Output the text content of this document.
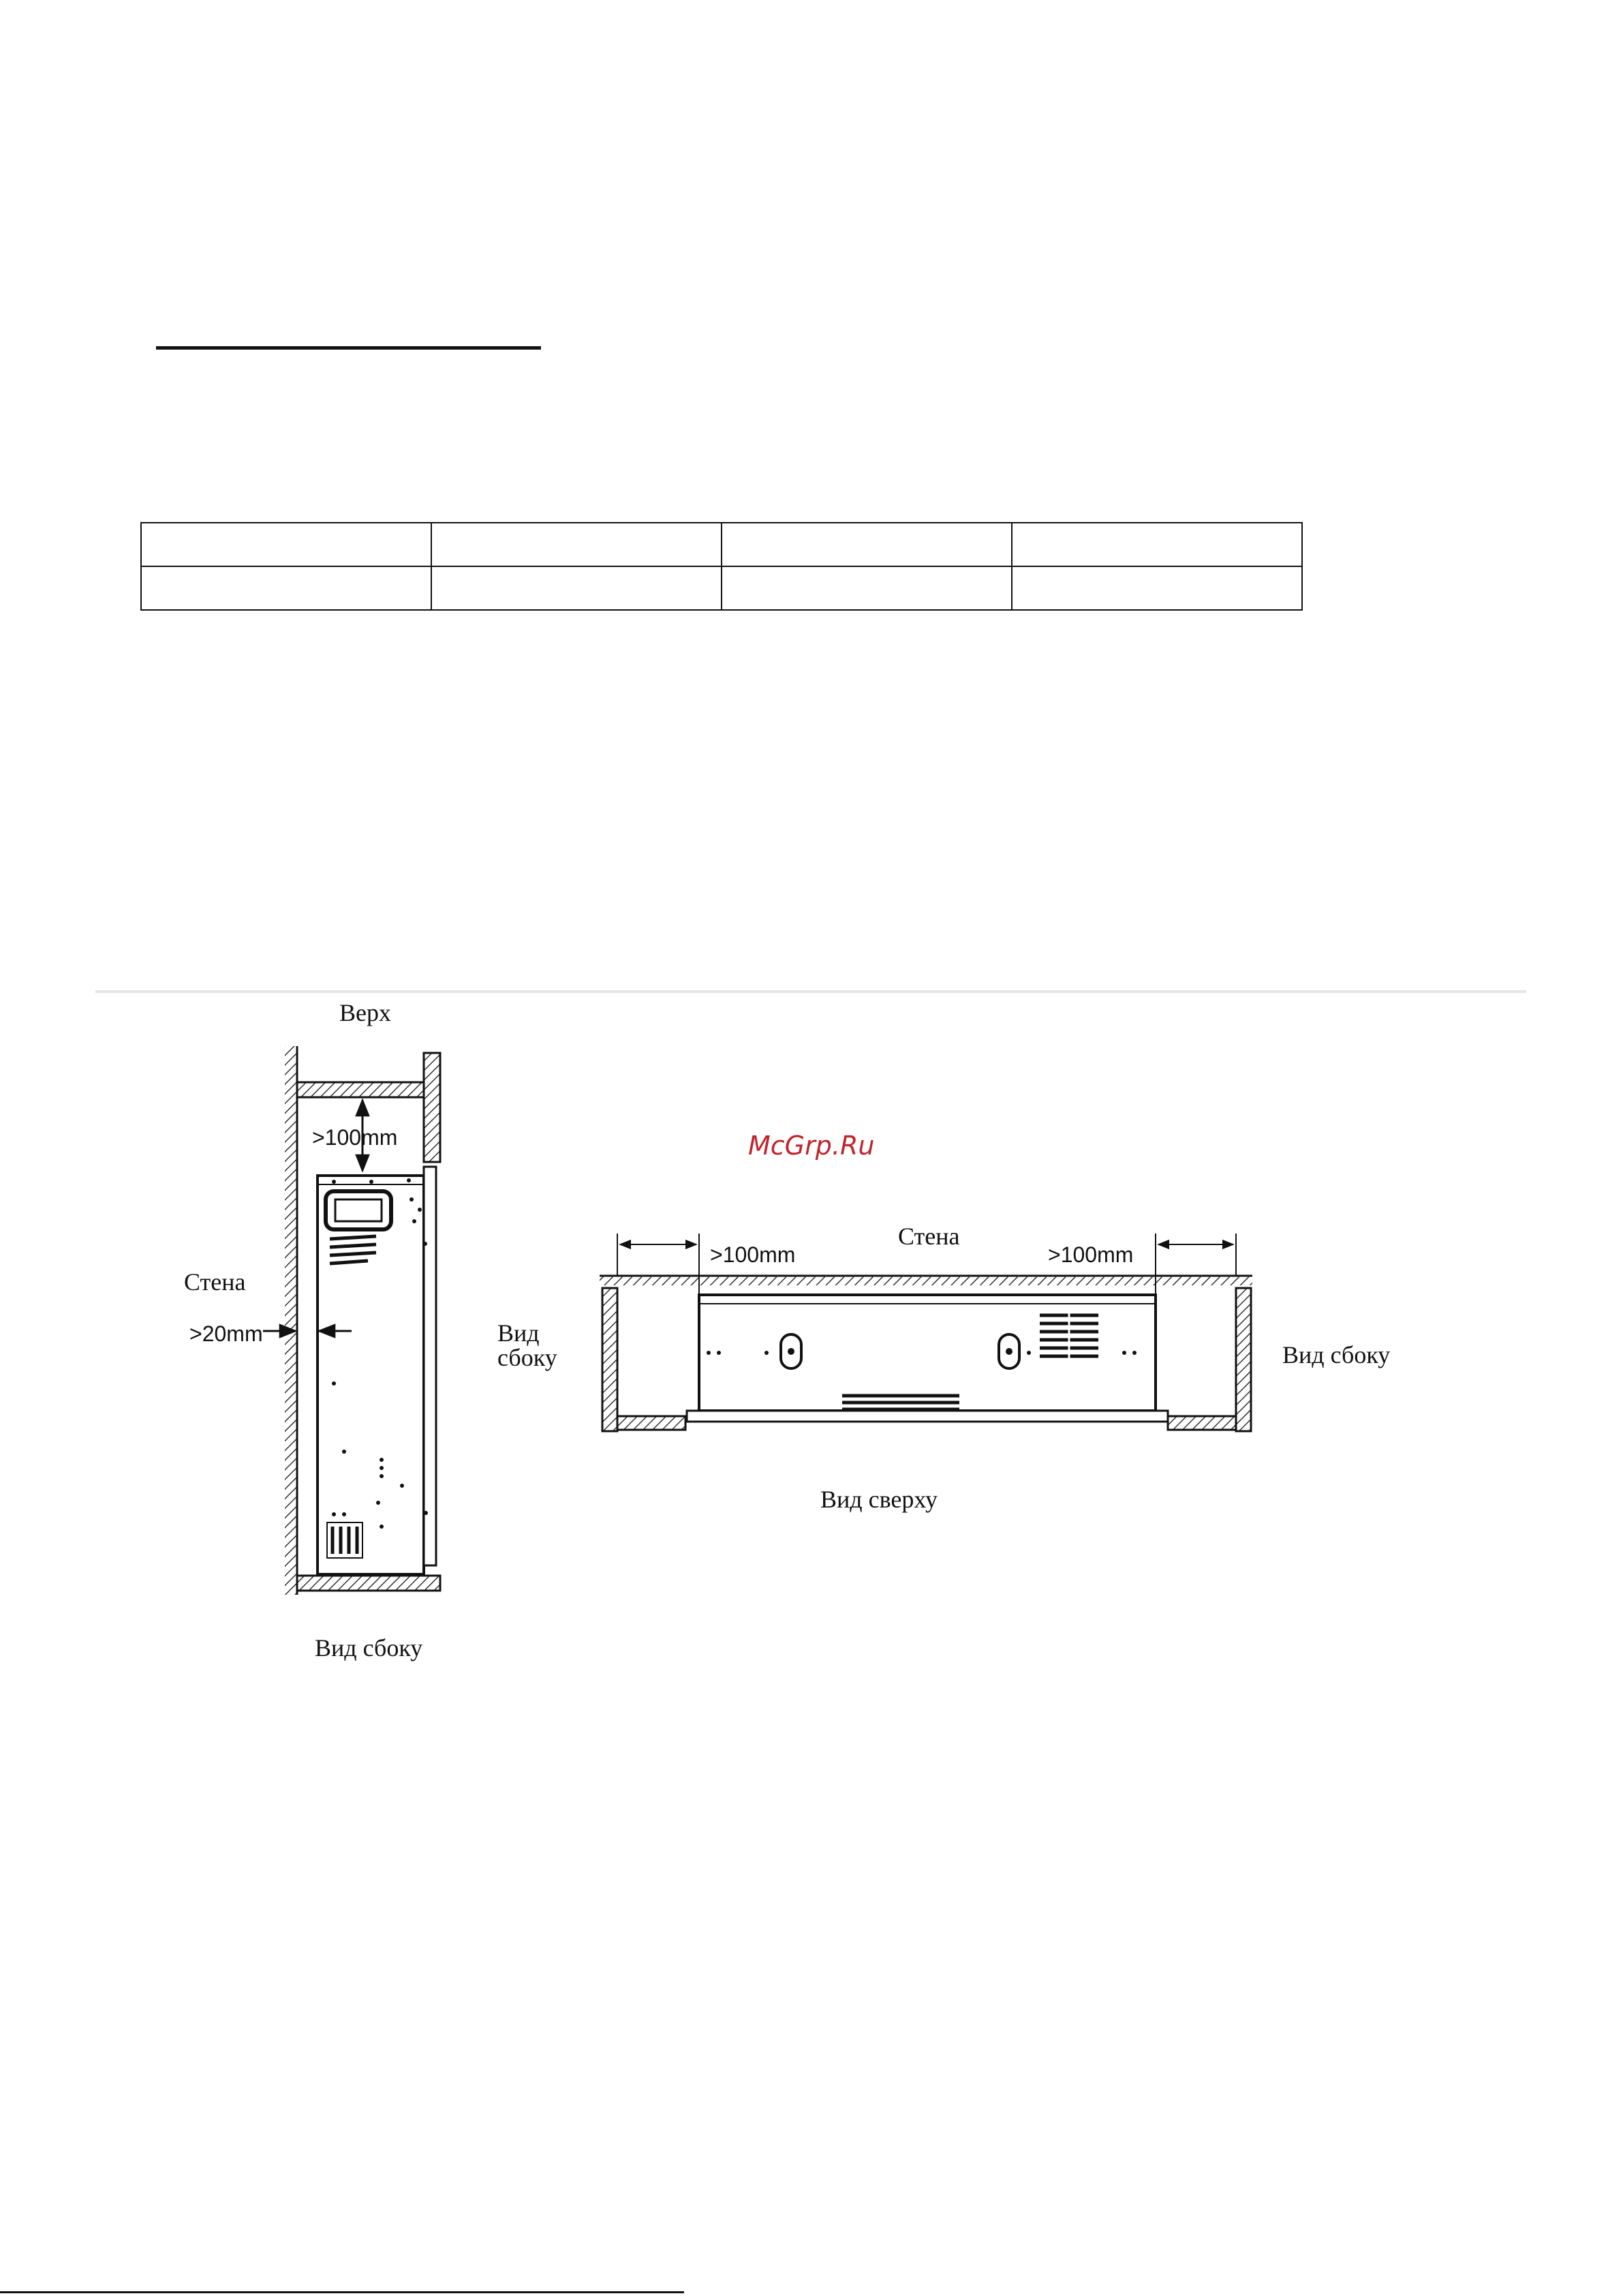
Верх
>100mm
Стена
>20mm
Вид сбоку
McGrp.Ru
Стена
>100mm	>100mm
Вид
сбоку	Вид сбоку
Вид сверху
